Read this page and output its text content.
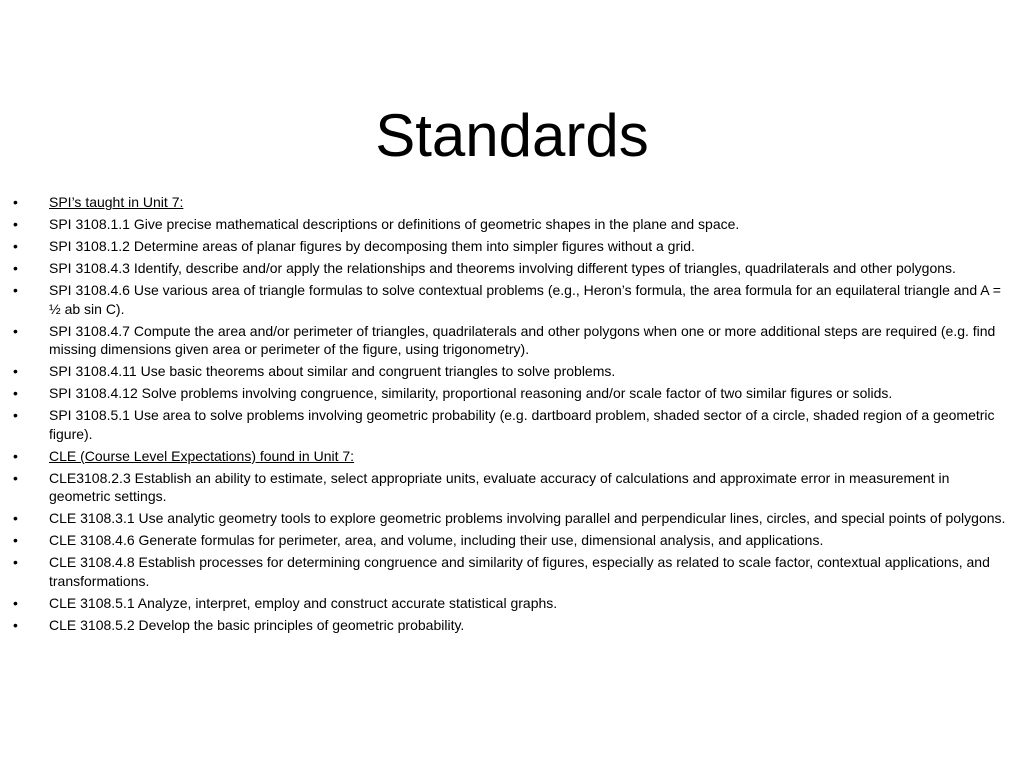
Standards
•	SPI’s taught in Unit 7:
•	SPI 3108.1.1 Give precise mathematical descriptions or definitions of geometric shapes in the plane and space.
•	SPI 3108.1.2 Determine areas of planar figures by decomposing them into simpler figures without a grid.
•	SPI 3108.4.3 Identify, describe and/or apply the relationships and theorems involving different types of triangles, quadrilaterals and other polygons.
•	SPI 3108.4.6 Use various area of triangle formulas to solve contextual problems (e.g., Heron’s formula, the area formula for an equilateral triangle and A = ½ ab sin C).
•	SPI 3108.4.7 Compute the area and/or perimeter of triangles, quadrilaterals and other polygons when one or more additional steps are required (e.g. find missing dimensions given area or perimeter of the figure, using trigonometry).
•	SPI 3108.4.11 Use basic theorems about similar and congruent triangles to solve problems.
•	SPI 3108.4.12 Solve problems involving congruence, similarity, proportional reasoning and/or scale factor of two similar figures or solids.
•	SPI 3108.5.1 Use area to solve problems involving geometric probability (e.g. dartboard problem, shaded sector of a circle, shaded region of a geometric figure).
•	CLE (Course Level Expectations) found in Unit 7:
•	CLE3108.2.3 Establish an ability to estimate, select appropriate units, evaluate accuracy of calculations and approximate error in measurement in geometric settings.
•	CLE 3108.3.1 Use analytic geometry tools to explore geometric problems involving parallel and perpendicular lines, circles, and special points of polygons.
•	CLE 3108.4.6 Generate formulas for perimeter, area, and volume, including their use, dimensional analysis, and applications.
•	CLE 3108.4.8 Establish processes for determining congruence and similarity of figures, especially as related to scale factor, contextual applications, and transformations.
•	CLE 3108.5.1 Analyze, interpret, employ and construct accurate statistical graphs.
•	CLE 3108.5.2 Develop the basic principles of geometric probability.
